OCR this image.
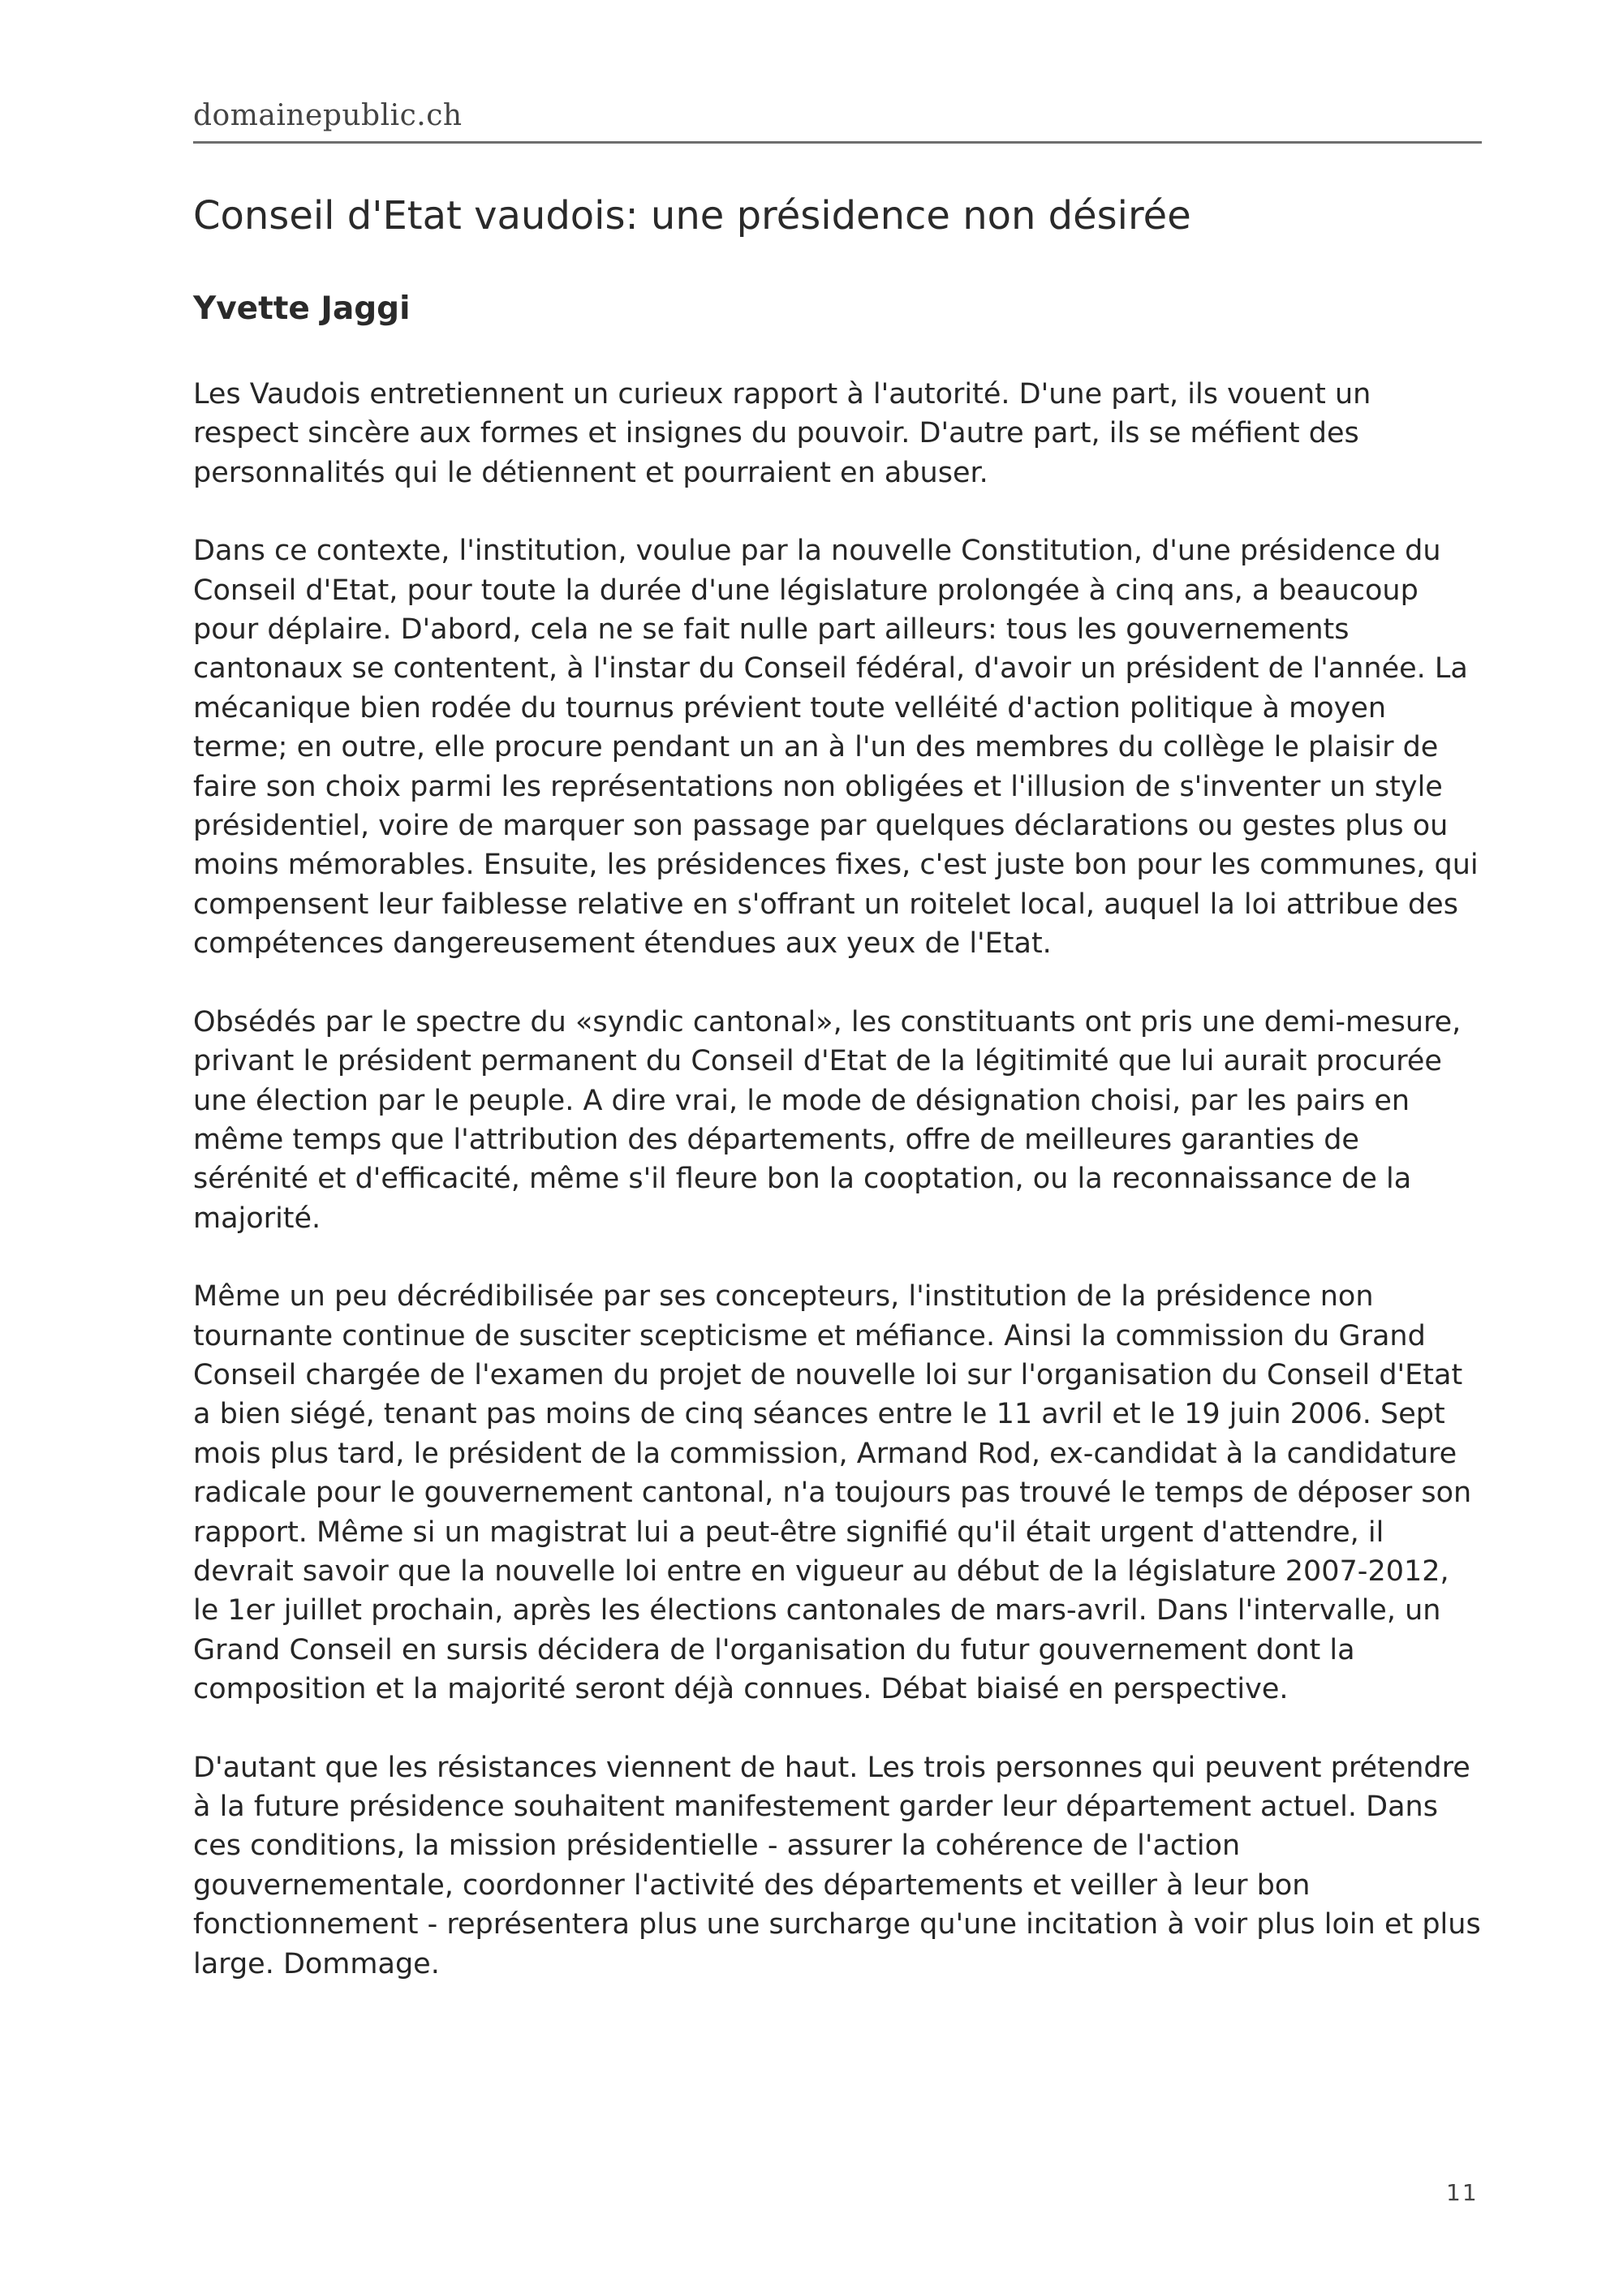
domainepublic.ch
Conseil d'Etat vaudois: une présidence non désirée
Yvette Jaggi

Les Vaudois entretiennent un curieux rapport à l'autorité. D'une part, ils vouent un respect sincère aux formes et insignes du pouvoir. D'autre part, ils se méfient des personnalités qui le détiennent et pourraient en abuser.

Dans ce contexte, l'institution, voulue par la nouvelle Constitution, d'une présidence du Conseil d'Etat, pour toute la durée d'une législature prolongée à cinq ans, a beaucoup pour déplaire. D'abord, cela ne se fait nulle part ailleurs: tous les gouvernements cantonaux se contentent, à l'instar du Conseil fédéral, d'avoir un président de l'année. La mécanique bien rodée du tournus prévient toute velléité d'action politique à moyen terme; en outre, elle procure pendant un an à l'un des membres du collège le plaisir de faire son choix parmi les représentations non obligées et l'illusion de s'inventer un style présidentiel, voire de marquer son passage par quelques déclarations ou gestes plus ou moins mémorables. Ensuite, les présidences fixes, c'est juste bon pour les communes, qui compensent leur faiblesse relative en s'offrant un roitelet local, auquel la loi attribue des compétences dangereusement étendues aux yeux de l'Etat.

Obsédés par le spectre du «syndic cantonal», les constituants ont pris une demi-mesure, privant le président permanent du Conseil d'Etat de la légitimité que lui aurait procurée une élection par le peuple. A dire vrai, le mode de désignation choisi, par les pairs en même temps que l'attribution des départements, offre de meilleures garanties de sérénité et d'efficacité, même s'il fleure bon la cooptation, ou la reconnaissance de la majorité.

Même un peu décrédibilisée par ses concepteurs, l'institution de la présidence non tournante continue de susciter scepticisme et méfiance. Ainsi la commission du Grand Conseil chargée de l'examen du projet de nouvelle loi sur l'organisation du Conseil d'Etat a bien siégé, tenant pas moins de cinq séances entre le 11 avril et le 19 juin 2006. Sept mois plus tard, le président de la commission, Armand Rod, ex-candidat à la candidature radicale pour le gouvernement cantonal, n'a toujours pas trouvé le temps de déposer son rapport. Même si un magistrat lui a peut-être signifié qu'il était urgent d'attendre, il devrait savoir que la nouvelle loi entre en vigueur au début de la législature 2007-2012, le 1er juillet prochain, après les élections cantonales de mars-avril. Dans l'intervalle, un Grand Conseil en sursis décidera de l'organisation du futur gouvernement dont la composition et la majorité seront déjà connues. Débat biaisé en perspective.

D'autant que les résistances viennent de haut. Les trois personnes qui peuvent prétendre à la future présidence souhaitent manifestement garder leur département actuel. Dans ces conditions, la mission présidentielle - assurer la cohérence de l'action gouvernementale, coordonner l'activité des départements et veiller à leur bon fonctionnement - représentera plus une surcharge qu'une incitation à voir plus loin et plus large. Dommage.

11
